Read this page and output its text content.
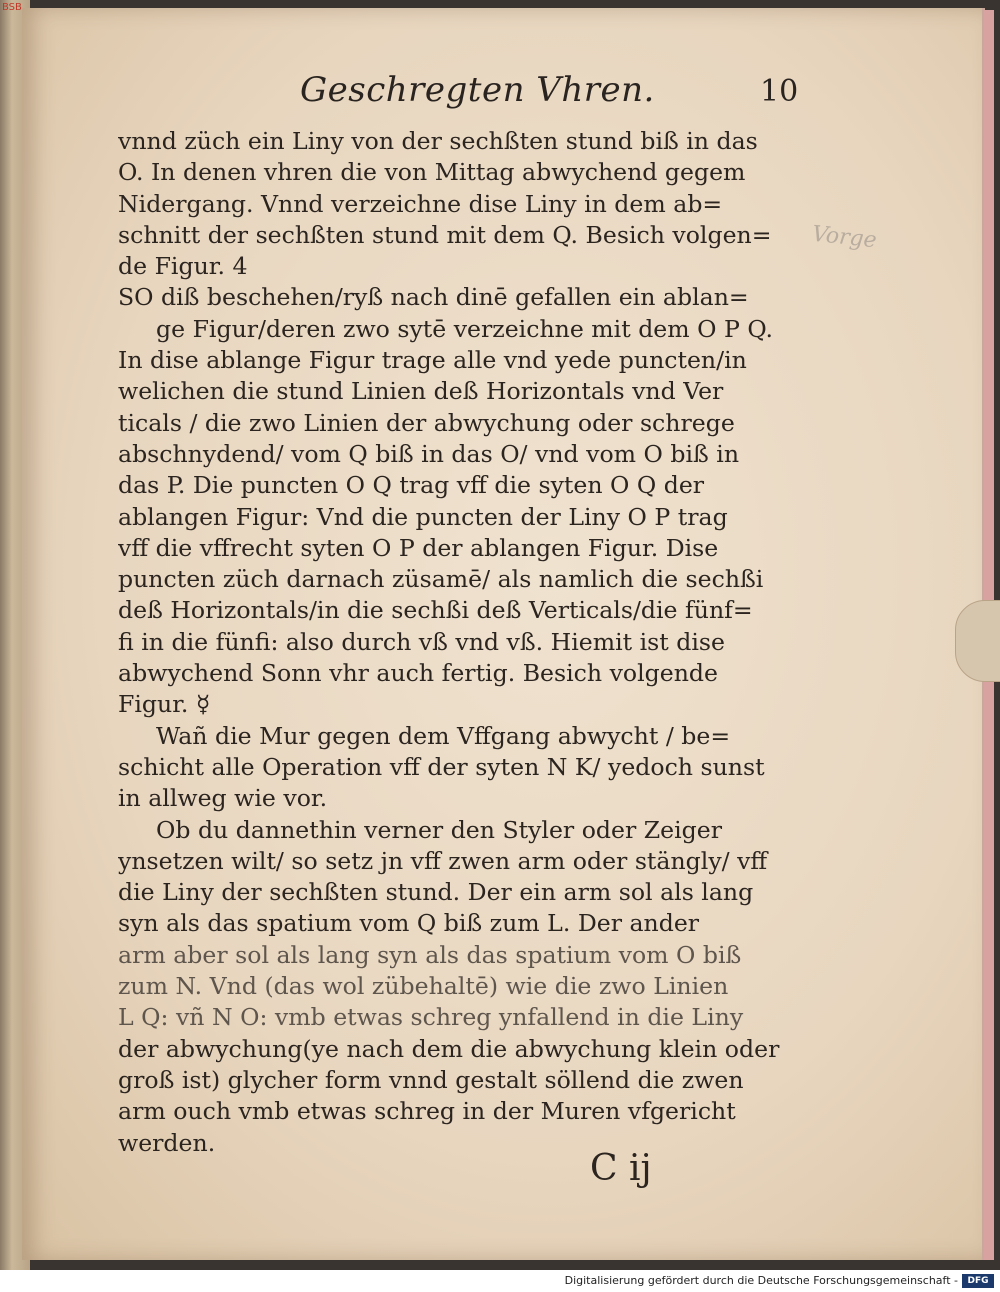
BSB
Geschregten Vhren.	10
Vorge
vnnd züch ein Liny von der sechßten stund biß in das
O. In denen vhren die von Mittag abwychend gegem
Nidergang. Vnnd verzeichne dise Liny in dem ab=
schnitt der sechßten stund mit dem Q. Besich volgen=
de Figur. 4
SO diß beschehen/ryß nach dinē gefallen ein ablan=
ge Figur/deren zwo sytē verzeichne mit dem O P Q.
In dise ablange Figur trage alle vnd yede puncten/in
welichen die stund Linien deß Horizontals vnd Ver
ticals / die zwo Linien der abwychung oder schrege
abschnydend/ vom Q biß in das O/ vnd vom O biß in
das P. Die puncten O Q trag vff die syten O Q der
ablangen Figur: Vnd die puncten der Liny O P trag
vff die vffrecht syten O P der ablangen Figur. Dise
puncten züch darnach züsamē/ als namlich die sechßi
deß Horizontals/in die sechßi deß Verticals/die fünf=
fi in die fünfi: also durch vß vnd vß. Hiemit ist dise
abwychend Sonn vhr auch fertig. Besich volgende
Figur. ☿
Wañ die Mur gegen dem Vffgang abwycht / be=
schicht alle Operation vff der syten N K/ yedoch sunst
in allweg wie vor.
Ob du dannethin verner den Styler oder Zeiger
ynsetzen wilt/ so setz jn vff zwen arm oder stängly/ vff
die Liny der sechßten stund. Der ein arm sol als lang
syn als das spatium vom Q biß zum L. Der ander
arm aber sol als lang syn als das spatium vom O biß
zum N. Vnd (das wol zübehaltē) wie die zwo Linien
L Q: vñ N O: vmb etwas schreg ynfallend in die Liny
der abwychung(ye nach dem die abwychung klein oder
groß ist) glycher form vnnd gestalt söllend die zwen
arm ouch vmb etwas schreg in der Muren vfgericht
werden.
C ij
Digitalisierung gefördert durch die Deutsche Forschungsgemeinschaft -	DFG
